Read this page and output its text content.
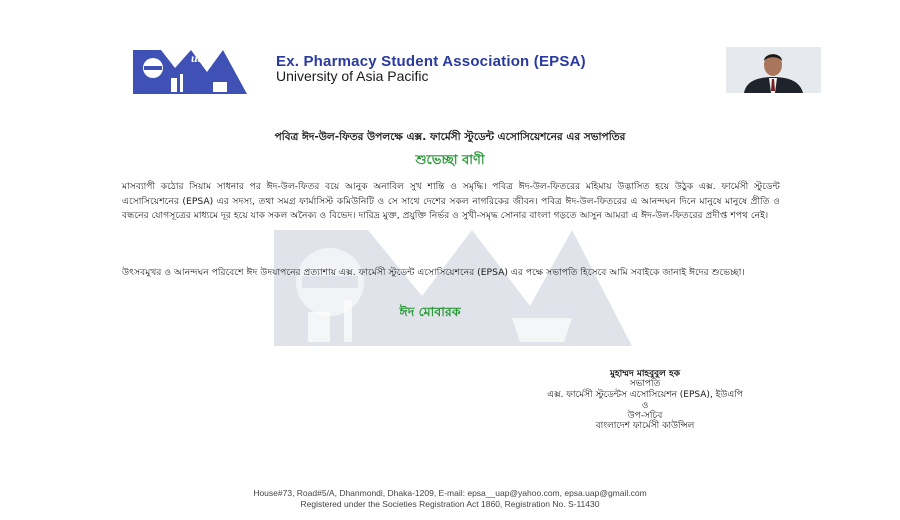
uap	Ex. Pharmacy Student Association (EPSA)
University of Asia Pacific
পবিত্র ঈদ-উল-ফিতর উপলক্ষে এক্স. ফার্মেসী স্টুডেন্ট এসোসিয়েশনের এর সভাপতির
শুভেচ্ছা বাণী
মাসব্যাপী কঠোর সিয়াম সাধনার পর ঈদ-উল-ফিতর বয়ে আনুক অনাবিল সুখ শান্তি ও সমৃদ্ধি। পবিত্র ঈদ-উল-ফিতরের মহিমায় উদ্ভাসিত হয়ে উঠুক এক্স. ফার্মেসী স্টুডেন্ট এসোসিয়েশনের (EPSA) এর সদস্য, তথা সমগ্র ফার্মাসিস্ট কমিউনিটি ও সে সাথে দেশের সকল নাগরিকের জীবন। পবিত্র ঈদ-উল-ফিতরের এ আনন্দঘন দিনে মানুষে মানুষে প্রীতি ও বন্ধনের যোগসূত্রের মাধ্যমে দূর হয়ে যাক সকল অনৈক্য ও বিভেদ। দারিদ্র মুক্ত, প্রযুক্তি নির্ভর ও সুখী-সমৃদ্ধ সোনার বাংলা গড়তে আসুন আমরা এ ঈদ-উল-ফিতরের প্রদীপ্ত শপথ নেই।
উৎসবমুখর ও আনন্দঘন পরিবেশে ঈদ উদযাপনের প্রত্যাশায় এক্স. ফার্মেসী স্টুডেন্ট এসোসিয়েশনের (EPSA) এর পক্ষে সভাপতি হিসেবে আমি সবাইকে জানাই ঈদের শুভেচ্ছা।
ঈদ মোবারক
মুহাম্মদ মাহবুবুল হক
সভাপতি
এক্স. ফার্মেসী স্টুডেন্টস এসোসিয়েশন (EPSA), ইউএপি
ও
উপ-সচিব
বাংলাদেশ ফার্মেসী কাউন্সিল
House#73, Road#5/A, Dhanmondi, Dhaka-1209, E-mail: epsa__uap@yahoo.com, epsa.uap@gmail.com
Registered under the Societies Registration Act 1860, Registration No. S-11430
